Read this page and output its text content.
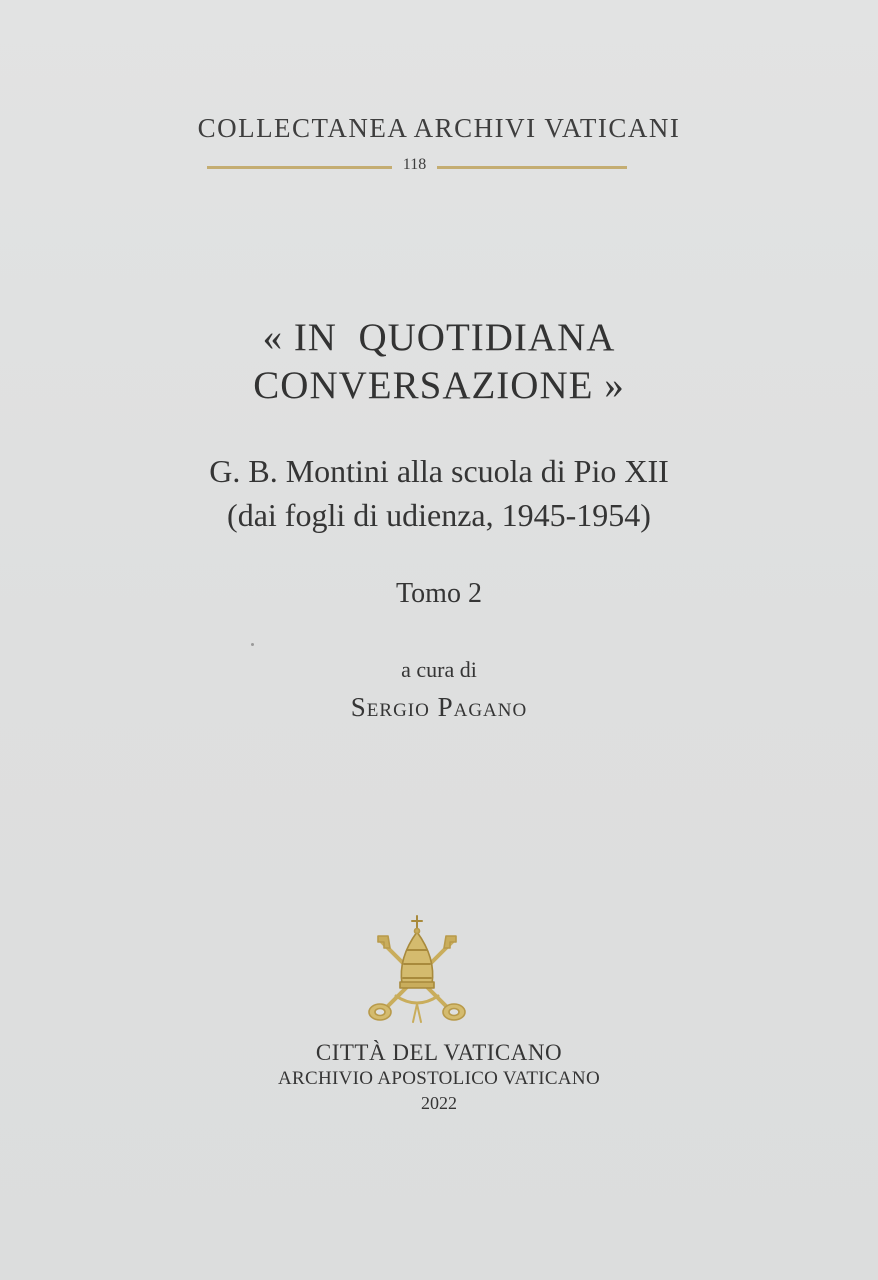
COLLECTANEA ARCHIVI VATICANI
118
« IN  QUOTIDIANA
CONVERSAZIONE »
G. B. Montini alla scuola di Pio XII
(dai fogli di udienza, 1945-1954)
Tomo 2
a cura di
Sergio Pagano
CITTÀ DEL VATICANO
ARCHIVIO APOSTOLICO VATICANO
2022
